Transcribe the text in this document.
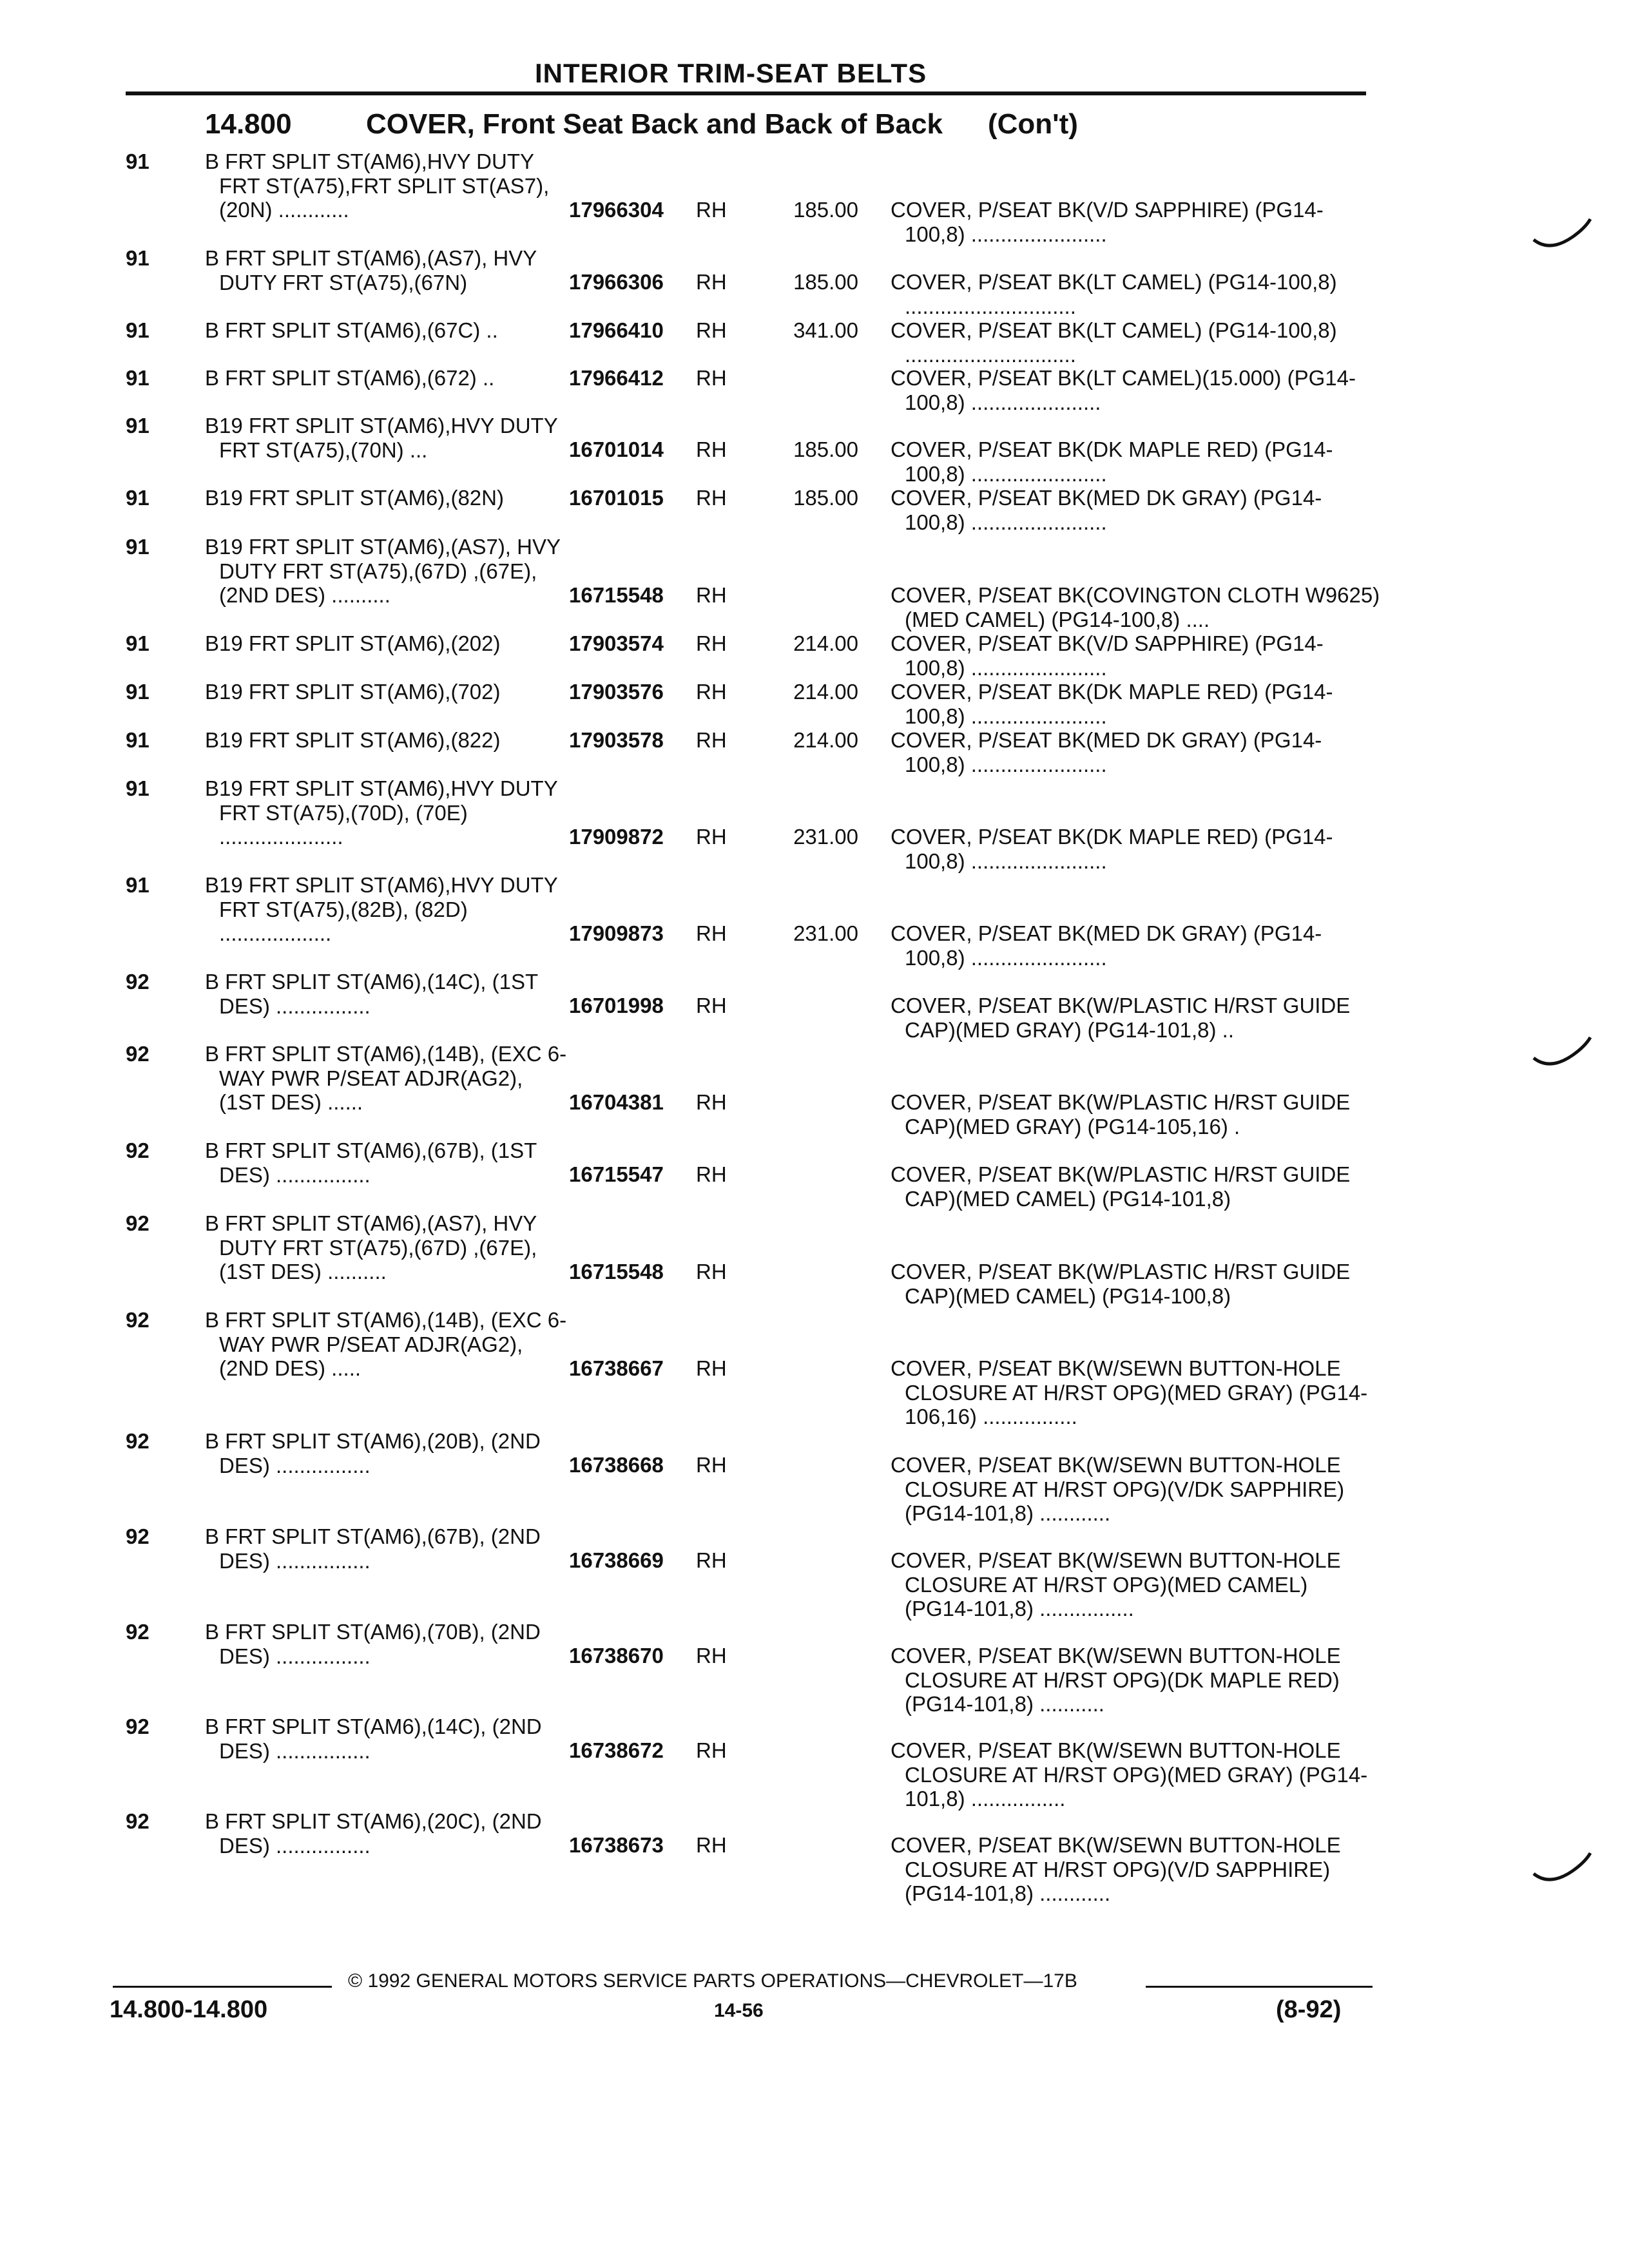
INTERIOR TRIM-SEAT BELTS
14.800	COVER, Front Seat Back and Back of Back (Con't)
91	B FRT SPLIT ST(AM6),HVY DUTY FRT ST(A75),FRT SPLIT ST(AS7),(20N) ............	17966304 RH	185.00 COVER, P/SEAT BK(V/D SAPPHIRE) (PG14-100,8) .......................
91	B FRT SPLIT ST(AM6),(AS7), HVY DUTY FRT ST(A75),(67N)	17966306 RH	185.00 COVER, P/SEAT BK(LT CAMEL) (PG14-100,8) .............................
91	B FRT SPLIT ST(AM6),(67C) ..	17966410 RH	341.00 COVER, P/SEAT BK(LT CAMEL) (PG14-100,8) .............................
91	B FRT SPLIT ST(AM6),(672) ..	17966412 RH	COVER, P/SEAT BK(LT CAMEL)(15.000) (PG14-100,8) ......................
91	B19 FRT SPLIT ST(AM6),HVY DUTY FRT ST(A75),(70N) ...	16701014 RH	185.00 COVER, P/SEAT BK(DK MAPLE RED) (PG14-100,8) .......................
91	B19 FRT SPLIT ST(AM6),(82N)	16701015 RH	185.00 COVER, P/SEAT BK(MED DK GRAY) (PG14-100,8) .......................
91	B19 FRT SPLIT ST(AM6),(AS7), HVY DUTY FRT ST(A75),(67D) ,(67E),(2ND DES) ..........	16715548 RH	COVER, P/SEAT BK(COVINGTON CLOTH W9625)(MED CAMEL) (PG14-100,8) ....
91	B19 FRT SPLIT ST(AM6),(202)	17903574 RH	214.00 COVER, P/SEAT BK(V/D SAPPHIRE) (PG14-100,8) .......................
91	B19 FRT SPLIT ST(AM6),(702)	17903576 RH	214.00 COVER, P/SEAT BK(DK MAPLE RED) (PG14-100,8) .......................
91	B19 FRT SPLIT ST(AM6),(822)	17903578 RH	214.00 COVER, P/SEAT BK(MED DK GRAY) (PG14-100,8) .......................
91	B19 FRT SPLIT ST(AM6),HVY DUTY FRT ST(A75),(70D), (70E) .....................	17909872 RH	231.00 COVER, P/SEAT BK(DK MAPLE RED) (PG14-100,8) .......................
91	B19 FRT SPLIT ST(AM6),HVY DUTY FRT ST(A75),(82B), (82D) ...................	17909873 RH	231.00 COVER, P/SEAT BK(MED DK GRAY) (PG14-100,8) .......................
92	B FRT SPLIT ST(AM6),(14C), (1ST DES) ................	16701998 RH	COVER, P/SEAT BK(W/PLASTIC H/RST GUIDE CAP)(MED GRAY) (PG14-101,8) ..
92	B FRT SPLIT ST(AM6),(14B), (EXC 6-WAY PWR P/SEAT ADJR(AG2),(1ST DES) ......	16704381 RH	COVER, P/SEAT BK(W/PLASTIC H/RST GUIDE CAP)(MED GRAY) (PG14-105,16) .
92	B FRT SPLIT ST(AM6),(67B), (1ST DES) ................	16715547 RH	COVER, P/SEAT BK(W/PLASTIC H/RST GUIDE CAP)(MED CAMEL) (PG14-101,8)
92	B FRT SPLIT ST(AM6),(AS7), HVY DUTY FRT ST(A75),(67D) ,(67E),(1ST DES) ..........	16715548 RH	COVER, P/SEAT BK(W/PLASTIC H/RST GUIDE CAP)(MED CAMEL) (PG14-100,8)
92	B FRT SPLIT ST(AM6),(14B), (EXC 6-WAY PWR P/SEAT ADJR(AG2),(2ND DES) .....	16738667 RH	COVER, P/SEAT BK(W/SEWN BUTTON-HOLE CLOSURE AT H/RST OPG)(MED GRAY) (PG14-106,16) ................
92	B FRT SPLIT ST(AM6),(20B), (2ND DES) ................	16738668 RH	COVER, P/SEAT BK(W/SEWN BUTTON-HOLE CLOSURE AT H/RST OPG)(V/DK SAPPHIRE) (PG14-101,8) ............
92	B FRT SPLIT ST(AM6),(67B), (2ND DES) ................	16738669 RH	COVER, P/SEAT BK(W/SEWN BUTTON-HOLE CLOSURE AT H/RST OPG)(MED CAMEL) (PG14-101,8) ................
92	B FRT SPLIT ST(AM6),(70B), (2ND DES) ................	16738670 RH	COVER, P/SEAT BK(W/SEWN BUTTON-HOLE CLOSURE AT H/RST OPG)(DK MAPLE RED) (PG14-101,8) ...........
92	B FRT SPLIT ST(AM6),(14C), (2ND DES) ................	16738672 RH	COVER, P/SEAT BK(W/SEWN BUTTON-HOLE CLOSURE AT H/RST OPG)(MED GRAY) (PG14-101,8) ................
92	B FRT SPLIT ST(AM6),(20C), (2ND DES) ................	16738673 RH	COVER, P/SEAT BK(W/SEWN BUTTON-HOLE CLOSURE AT H/RST OPG)(V/D SAPPHIRE) (PG14-101,8) ............
© 1992 GENERAL MOTORS SERVICE PARTS OPERATIONS—CHEVROLET—17B
14.800-14.800	14-56	(8-92)
